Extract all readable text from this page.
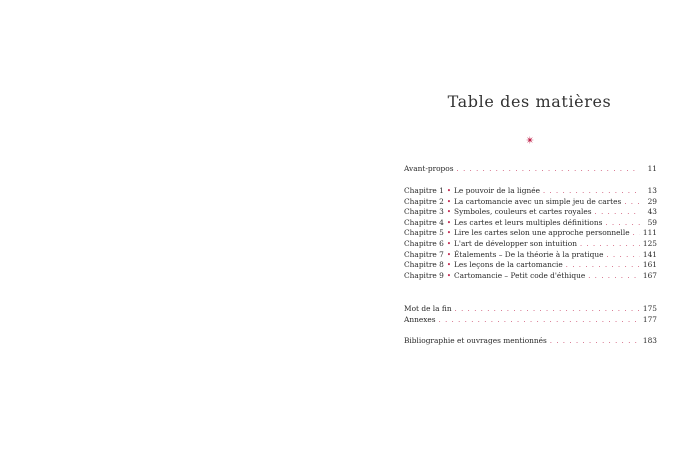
Table des matières
✴
Avant-propos . . .	11
Chapitre 1 • Le pouvoir de la lignée . . .	13
Chapitre 2 • La cartomancie avec un simple jeu de cartes . . .	29
Chapitre 3 • Symboles, couleurs et cartes royales . . .	43
Chapitre 4 • Les cartes et leurs multiples définitions . . .	59
Chapitre 5 • Lire les cartes selon une approche personnelle . . . 111
Chapitre 6 • L'art de développer son intuition . . .	125
Chapitre 7 • Étalements – De la théorie à la pratique . . .	141
Chapitre 8 • Les leçons de la cartomancie . . .	161
Chapitre 9 • Cartomancie – Petit code d'éthique . . .	167
Mot de la fin . . .	175
Annexes . . .	177
Bibliographie et ouvrages mentionnés . . .	183
